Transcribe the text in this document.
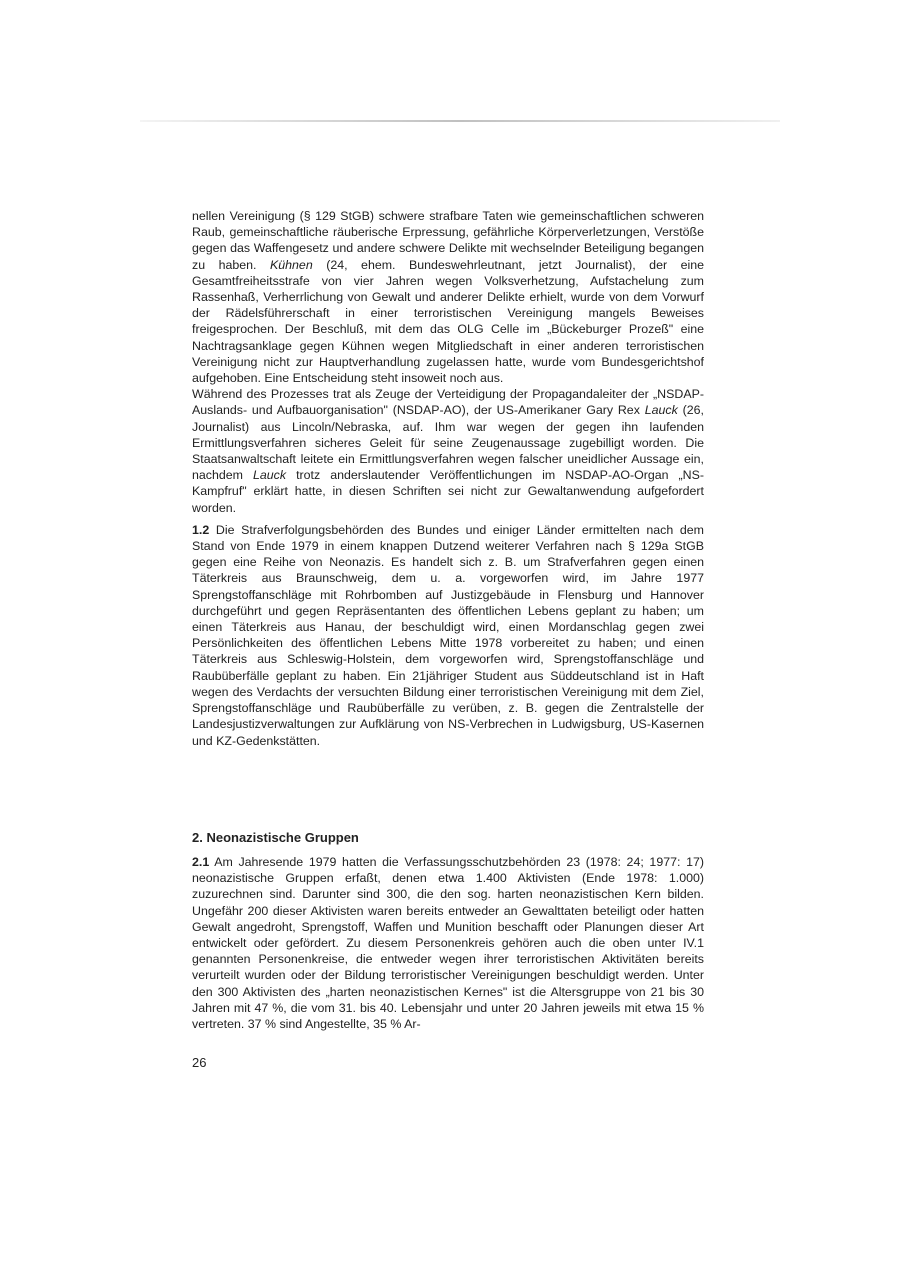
nellen Vereinigung (§ 129 StGB) schwere strafbare Taten wie gemeinschaftlichen schweren Raub, gemeinschaftliche räuberische Erpressung, gefährliche Körperverletzungen, Verstöße gegen das Waffengesetz und andere schwere Delikte mit wechselnder Beteiligung begangen zu haben. Kühnen (24, ehem. Bundeswehrleutnant, jetzt Journalist), der eine Gesamtfreiheitsstrafe von vier Jahren wegen Volksverhetzung, Aufstachelung zum Rassenhaß, Verherrlichung von Gewalt und anderer Delikte erhielt, wurde von dem Vorwurf der Rädelsführerschaft in einer terroristischen Vereinigung mangels Beweises freigesprochen. Der Beschluß, mit dem das OLG Celle im „Bückeburger Prozeß" eine Nachtragsanklage gegen Kühnen wegen Mitgliedschaft in einer anderen terroristischen Vereinigung nicht zur Hauptverhandlung zugelassen hatte, wurde vom Bundesgerichtshof aufgehoben. Eine Entscheidung steht insoweit noch aus.

Während des Prozesses trat als Zeuge der Verteidigung der Propagandaleiter der „NSDAP-Auslands- und Aufbauorganisation" (NSDAP-AO), der US-Amerikaner Gary Rex Lauck (26, Journalist) aus Lincoln/Nebraska, auf. Ihm war wegen der gegen ihn laufenden Ermittlungsverfahren sicheres Geleit für seine Zeugenaussage zugebilligt worden. Die Staatsanwaltschaft leitete ein Ermittlungsverfahren wegen falscher uneidlicher Aussage ein, nachdem Lauck trotz anderslautender Veröffentlichungen im NSDAP-AO-Organ „NS-Kampfruf" erklärt hatte, in diesen Schriften sei nicht zur Gewaltanwendung aufgefordert worden.

1.2 Die Strafverfolgungsbehörden des Bundes und einiger Länder ermittelten nach dem Stand von Ende 1979 in einem knappen Dutzend weiterer Verfahren nach § 129a StGB gegen eine Reihe von Neonazis. Es handelt sich z. B. um Strafverfahren gegen einen Täterkreis aus Braunschweig, dem u. a. vorgeworfen wird, im Jahre 1977 Sprengstoffanschläge mit Rohrbomben auf Justizgebäude in Flensburg und Hannover durchgeführt und gegen Repräsentanten des öffentlichen Lebens geplant zu haben; um einen Täterkreis aus Hanau, der beschuldigt wird, einen Mordanschlag gegen zwei Persönlichkeiten des öffentlichen Lebens Mitte 1978 vorbereitet zu haben; und einen Täterkreis aus Schleswig-Holstein, dem vorgeworfen wird, Sprengstoffanschläge und Raubüberfälle geplant zu haben. Ein 21jähriger Student aus Süddeutschland ist in Haft wegen des Verdachts der versuchten Bildung einer terroristischen Vereinigung mit dem Ziel, Sprengstoffanschläge und Raubüberfälle zu verüben, z. B. gegen die Zentralstelle der Landesjustizverwaltungen zur Aufklärung von NS-Verbrechen in Ludwigsburg, US-Kasernen und KZ-Gedenkstätten.

2. Neonazistische Gruppen

2.1 Am Jahresende 1979 hatten die Verfassungsschutzbehörden 23 (1978: 24; 1977: 17) neonazistische Gruppen erfaßt, denen etwa 1.400 Aktivisten (Ende 1978: 1.000) zuzurechnen sind. Darunter sind 300, die den sog. harten neonazistischen Kern bilden. Ungefähr 200 dieser Aktivisten waren bereits entweder an Gewalttaten beteiligt oder hatten Gewalt angedroht, Sprengstoff, Waffen und Munition beschafft oder Planungen dieser Art entwickelt oder gefördert. Zu diesem Personenkreis gehören auch die oben unter IV.1 genannten Personenkreise, die entweder wegen ihrer terroristischen Aktivitäten bereits verurteilt wurden oder der Bildung terroristischer Vereinigungen beschuldigt werden. Unter den 300 Aktivisten des „harten neonazistischen Kernes" ist die Altersgruppe von 21 bis 30 Jahren mit 47 %, die vom 31. bis 40. Lebensjahr und unter 20 Jahren jeweils mit etwa 15 % vertreten. 37 % sind Angestellte, 35 % Ar-

26
